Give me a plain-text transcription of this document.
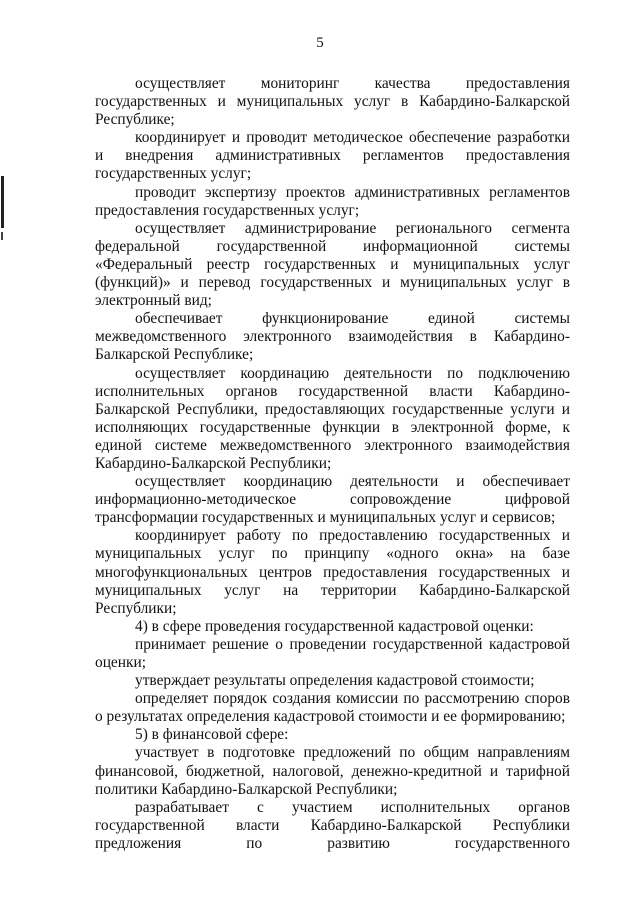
5

осуществляет мониторинг качества предоставления государственных и муниципальных услуг в Кабардино-Балкарской Республике;

координирует и проводит методическое обеспечение разработки и внедрения административных регламентов предоставления государственных услуг;

проводит экспертизу проектов административных регламентов предоставления государственных услуг;

осуществляет администрирование регионального сегмента федеральной государственной информационной системы «Федеральный реестр государственных и муниципальных услуг (функций)» и перевод государственных и муниципальных услуг в электронный вид;

обеспечивает функционирование единой системы межведомственного электронного взаимодействия в Кабардино-Балкарской Республике;

осуществляет координацию деятельности по подключению исполнительных органов государственной власти Кабардино-Балкарской Республики, предоставляющих государственные услуги и исполняющих государственные функции в электронной форме, к единой системе межведомственного электронного взаимодействия Кабардино-Балкарской Республики;

осуществляет координацию деятельности и обеспечивает информационно-методическое сопровождение цифровой трансформации государственных и муниципальных услуг и сервисов;

координирует работу по предоставлению государственных и муниципальных услуг по принципу «одного окна» на базе многофункциональных центров предоставления государственных и муниципальных услуг на территории Кабардино-Балкарской Республики;

4) в сфере проведения государственной кадастровой оценки:

принимает решение о проведении государственной кадастровой оценки;

утверждает результаты определения кадастровой стоимости;

определяет порядок создания комиссии по рассмотрению споров о результатах определения кадастровой стоимости и ее формированию;

5) в финансовой сфере:

участвует в подготовке предложений по общим направлениям финансовой, бюджетной, налоговой, денежно-кредитной и тарифной политики Кабардино-Балкарской Республики;

разрабатывает с участием исполнительных органов государственной власти Кабардино-Балкарской Республики предложения по развитию государственного
